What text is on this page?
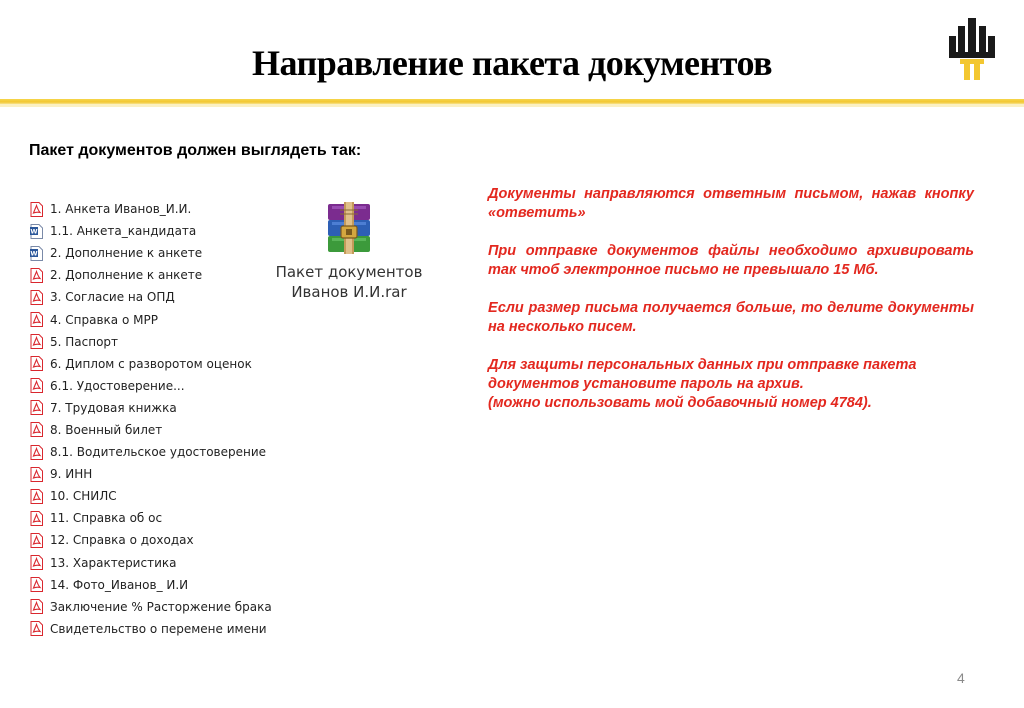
Направление пакета документов
Пакет документов должен выглядеть так:
1. Анкета Иванов_И.И.
W 1.1. Анкета_кандидата
W 2. Дополнение к анкете
2. Дополнение к анкете
3. Согласие на ОПД
4. Справка о МРР
5. Паспорт
6. Диплом с разворотом оценок
6.1. Удостоверение...
7. Трудовая книжка
8. Военный билет
8.1. Водительское удостоверение
9. ИНН
10. СНИЛС
11. Справка об ос
12. Справка о доходах
13. Характеристика
14. Фото_Иванов_ И.И
Заключение % Расторжение брака
Свидетельство о перемене имени
Пакет документов
Иванов И.И.rar

Документы направляются ответным письмом, нажав кнопку «ответить»

При отправке документов файлы необходимо архивировать так чтоб электронное письмо не превышало 15 Мб.

Если размер письма получается больше, то делите документы на несколько писем.

Для защиты персональных данных при отправке пакета документов установите пароль на архив.
(можно использовать мой добавочный номер 4784).

4
